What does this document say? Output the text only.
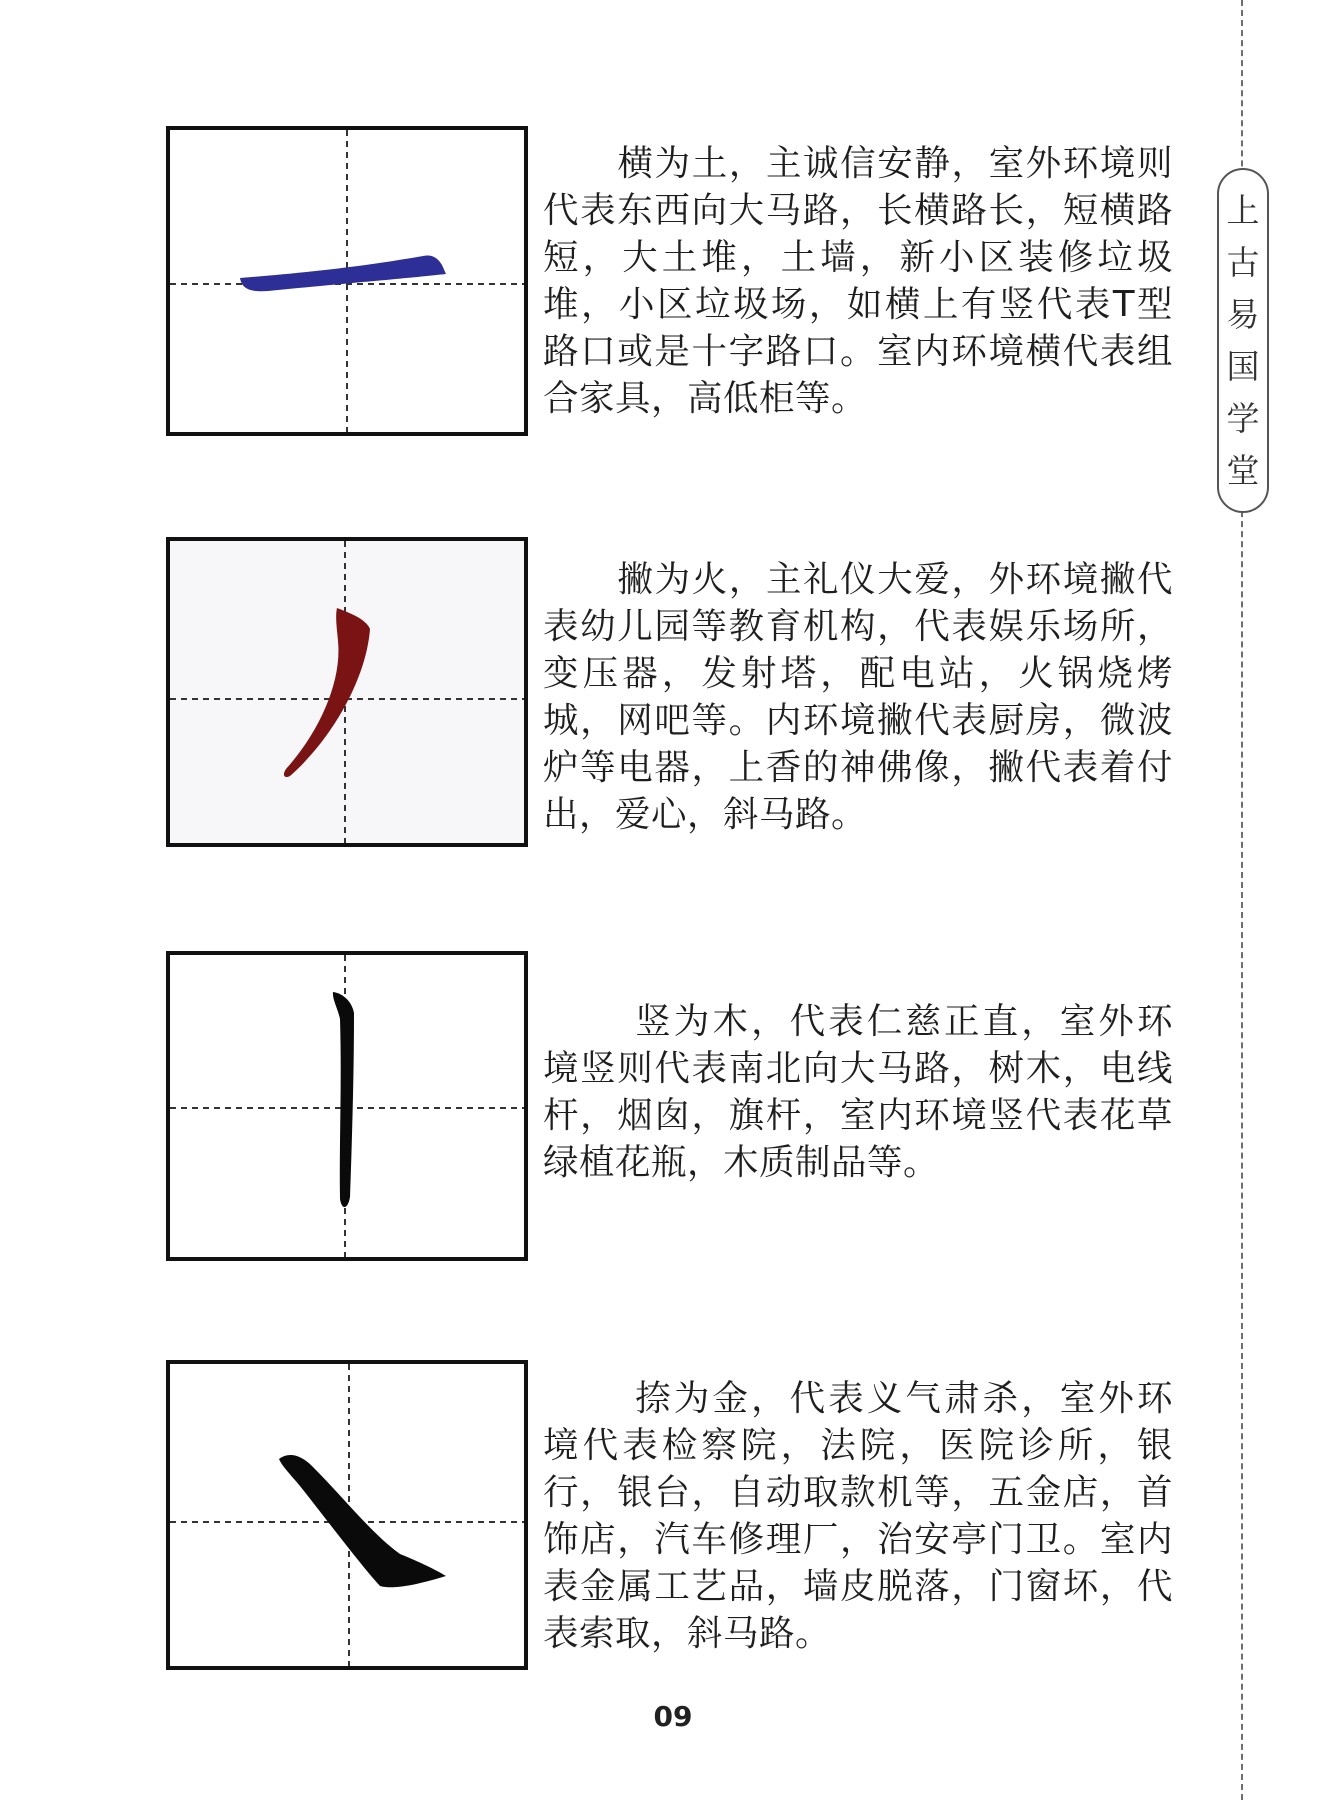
上
古
易
国
学
堂

横为土，主诚信安静，室外环境则代表东西向大马路，长横路长，短横路短，大土堆，土墙，新小区装修垃圾堆，小区垃圾场，如横上有竖代表T型路口或是十字路口。室内环境横代表组合家具，高低柜等。

撇为火，主礼仪大爱，外环境撇代表幼儿园等教育机构，代表娱乐场所，变压器，发射塔，配电站，火锅烧烤城，网吧等。内环境撇代表厨房，微波炉等电器，上香的神佛像，撇代表着付出，爱心，斜马路。

竖为木，代表仁慈正直，室外环境竖则代表南北向大马路，树木，电线杆，烟囱，旗杆，室内环境竖代表花草绿植花瓶，木质制品等。

捺为金，代表义气肃杀，室外环境代表检察院，法院，医院诊所，银行，银台，自动取款机等，五金店，首饰店，汽车修理厂，治安亭门卫。室内表金属工艺品，墙皮脱落，门窗坏，代表索取，斜马路。

09
